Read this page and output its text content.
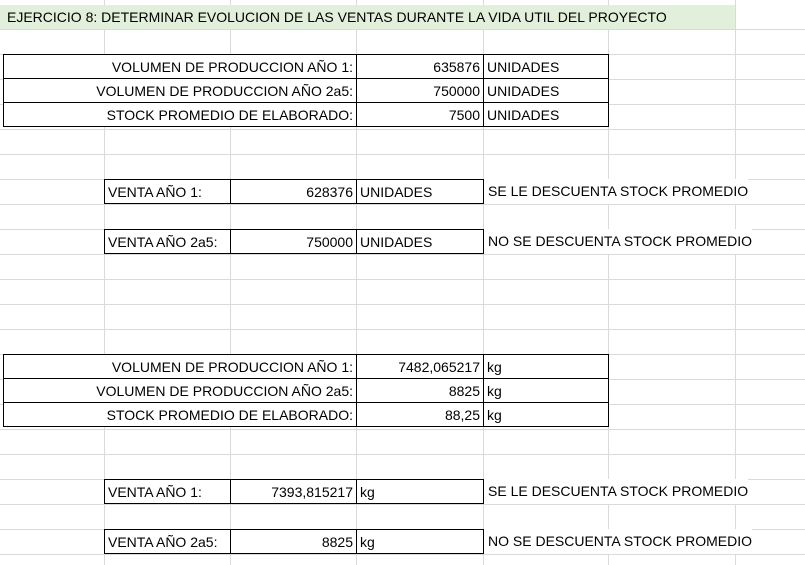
EJERCICIO 8: DETERMINAR EVOLUCION DE LAS VENTAS DURANTE LA VIDA UTIL DEL PROYECTO
VOLUMEN DE PRODUCCION AÑO 1:	635876 UNIDADES
VOLUMEN DE PRODUCCION AÑO 2a5:	750000 UNIDADES
STOCK PROMEDIO DE ELABORADO:	7500 UNIDADES
VENTA AÑO 1:	628376 UNIDADES	SE LE DESCUENTA STOCK PROMEDIO
VENTA AÑO 2a5:	750000 UNIDADES	NO SE DESCUENTA STOCK PROMEDIO
VOLUMEN DE PRODUCCION AÑO 1:	7482,065217 kg
VOLUMEN DE PRODUCCION AÑO 2a5:	8825 kg
STOCK PROMEDIO DE ELABORADO:	88,25 kg
VENTA AÑO 1:	7393,815217 kg	SE LE DESCUENTA STOCK PROMEDIO
VENTA AÑO 2a5:	8825 kg	NO SE DESCUENTA STOCK PROMEDIO
